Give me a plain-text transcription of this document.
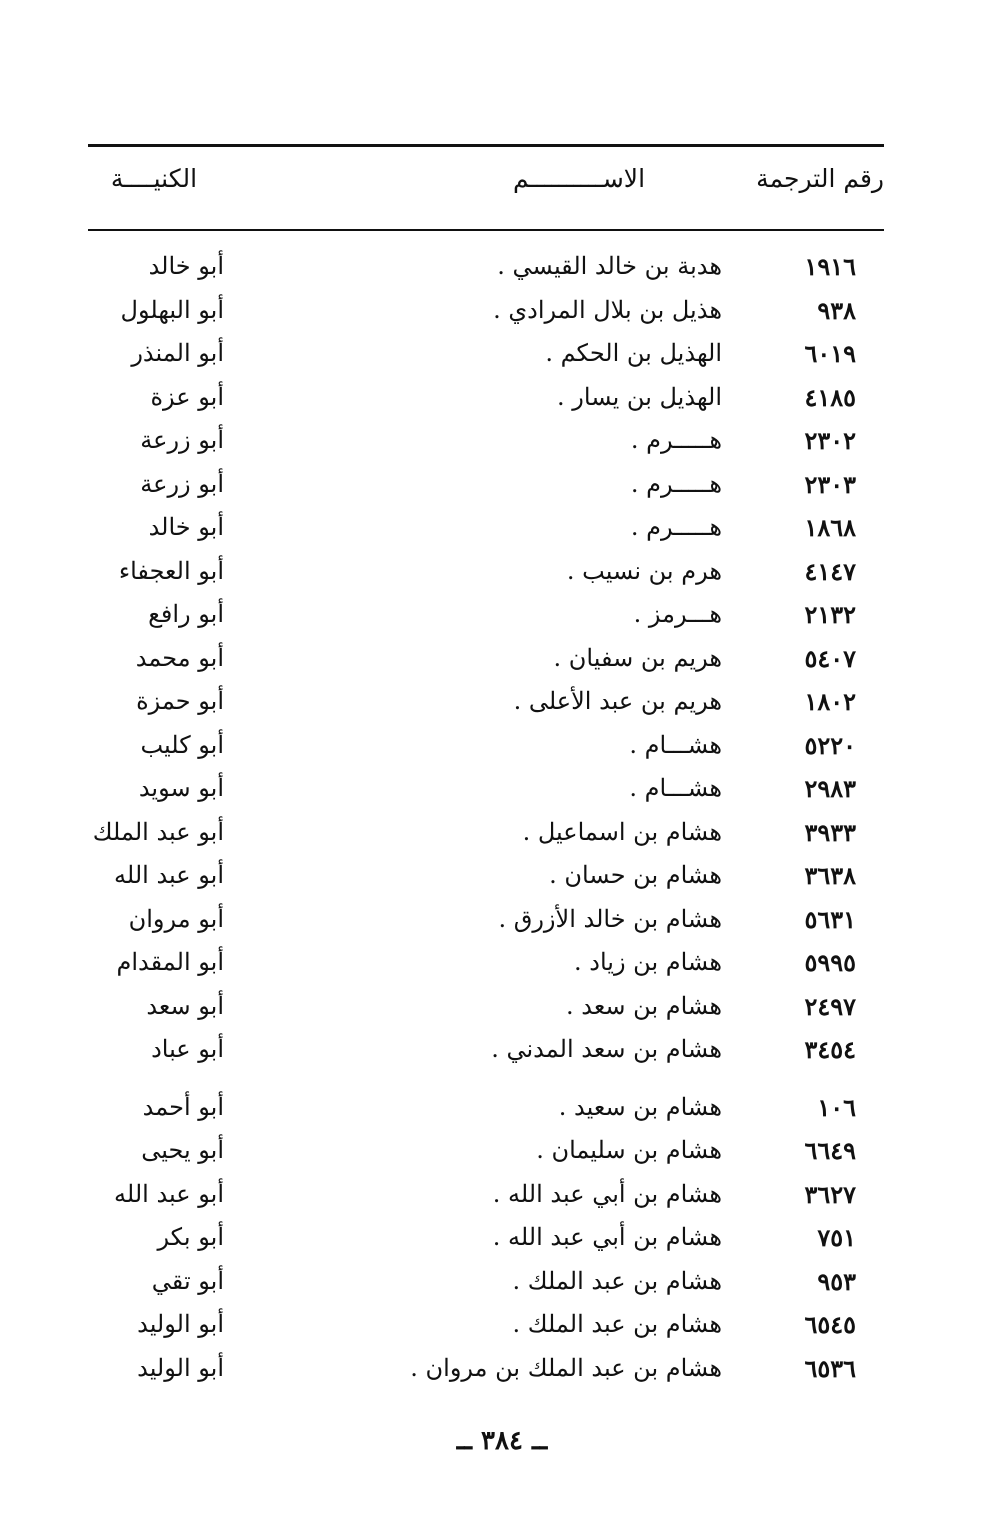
رقم الترجمة
الاســــــــــم
الكنيــــة
١٩١٦
هدبة بن خالد القيسي .
أبو خالد
٩٣٨
هذيل بن بلال المرادي .
أبو البهلول
٦٠١٩
الهذيل بن الحكم .
أبو المنذر
٤١٨٥
الهذيل بن يسار .
أبو عزة
٢٣٠٢
هـــــرم .
أبو زرعة
٢٣٠٣
هـــــرم .
أبو زرعة
١٨٦٨
هـــــرم .
أبو خالد
٤١٤٧
هرم بن نسيب .
أبو العجفاء
٢١٣٢
هـــرمز .
أبو رافع
٥٤٠٧
هريم بن سفيان .
أبو محمد
١٨٠٢
هريم بن عبد الأعلى .
أبو حمزة
٥٢٢٠
هشـــام .
أبو كليب
٢٩٨٣
هشـــام .
أبو سويد
٣٩٣٣
هشام بن اسماعيل .
أبو عبد الملك
٣٦٣٨
هشام بن حسان .
أبو عبد الله
٥٦٣١
هشام بن خالد الأزرق .
أبو مروان
٥٩٩٥
هشام بن زياد .
أبو المقدام
٢٤٩٧
هشام بن سعد .
أبو سعد
٣٤٥٤
هشام بن سعد المدني .
أبو عباد
١٠٦
هشام بن سعيد .
أبو أحمد
٦٦٤٩
هشام بن سليمان .
أبو يحيى
٣٦٢٧
هشام بن أبي عبد الله .
أبو عبد الله
٧٥١
هشام بن أبي عبد الله .
أبو بكر
٩٥٣
هشام بن عبد الملك .
أبو تقي
٦٥٤٥
هشام بن عبد الملك .
أبو الوليد
٦٥٣٦
هشام بن عبد الملك بن مروان .
أبو الوليد
ــ ٣٨٤ ــ
